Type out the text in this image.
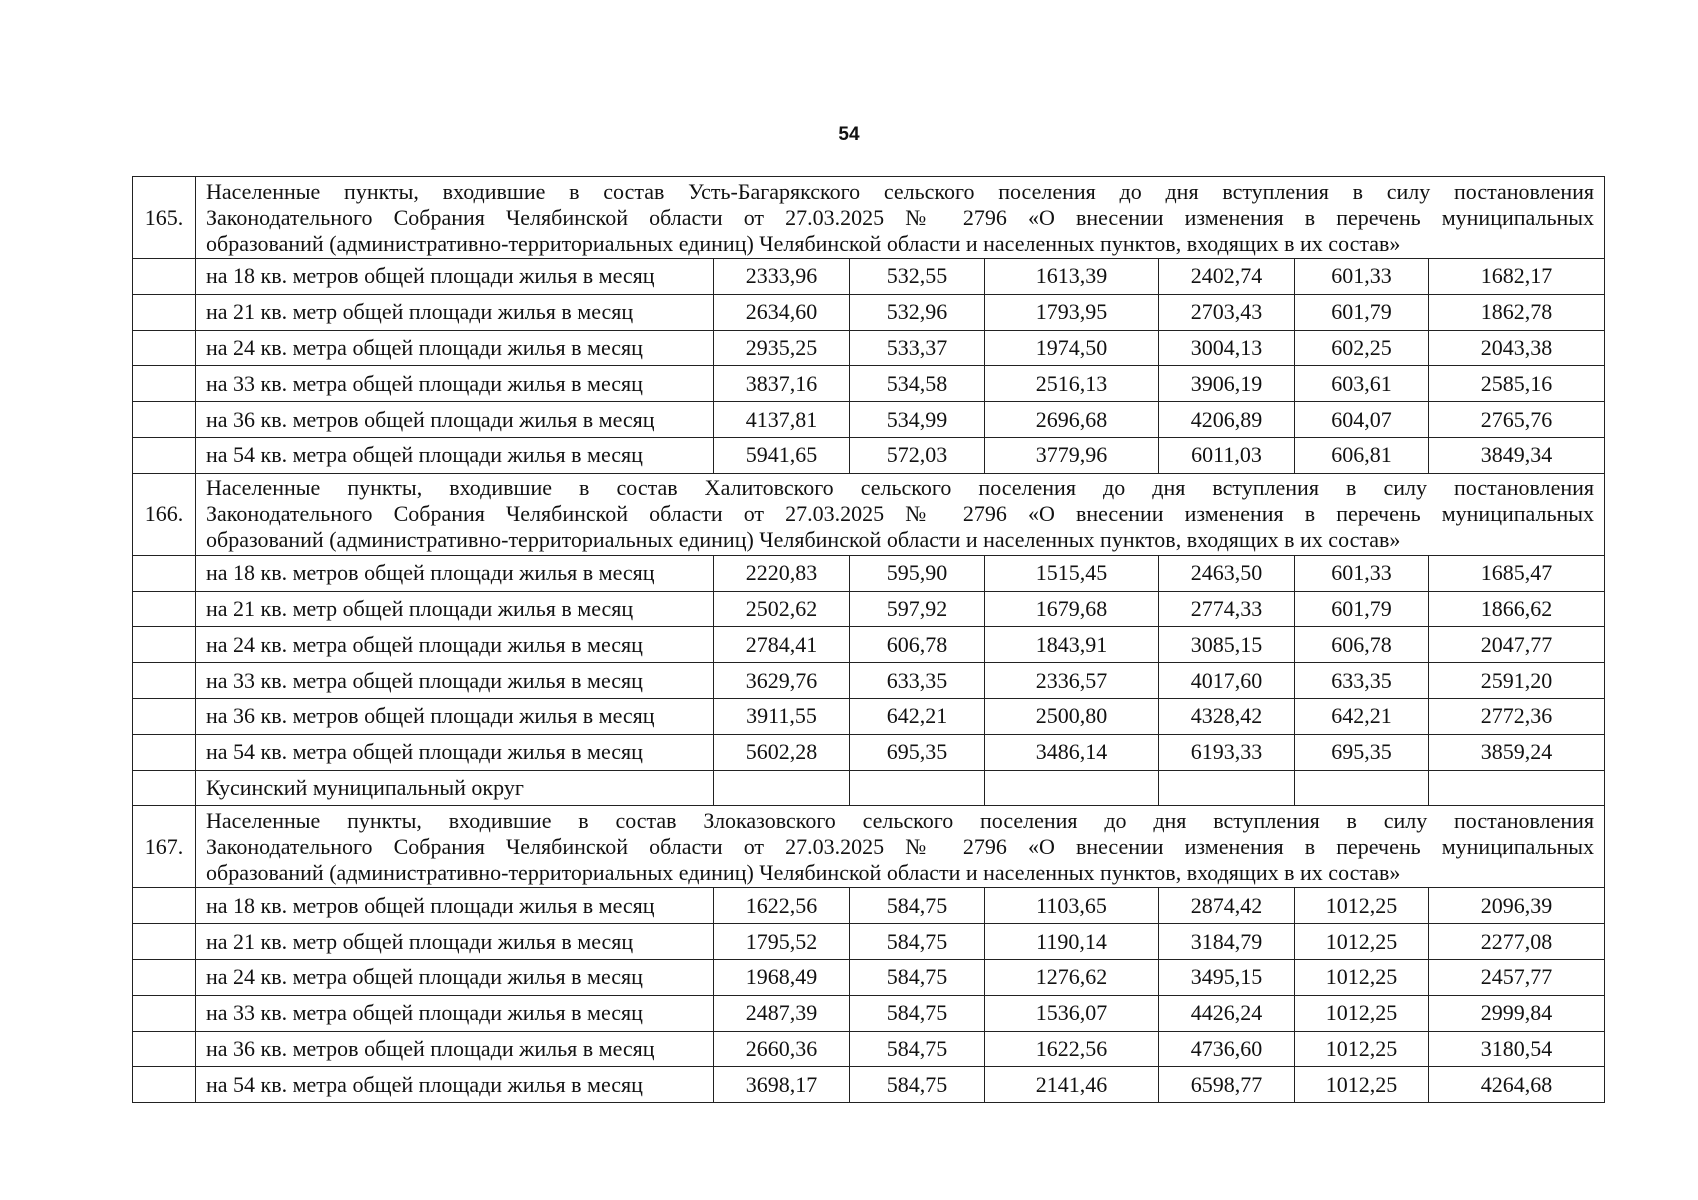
54
165.	Населенные пункты, входившие в состав Усть-Багарякского сельского поселения до дня вступления в силу постановления
Законодательного Собрания Челябинской области от 27.03.2025 № 2796 «О внесении изменения в перечень муниципальных
образований (административно-территориальных единиц) Челябинской области и населенных пунктов, входящих в их состав»						

	на 18 кв. метров общей площади жилья в месяц	2333,96	532,55	1613,39	2402,74	601,33	1682,17
	на 21 кв. метр общей площади жилья в месяц	2634,60	532,96	1793,95	2703,43	601,79	1862,78
	на 24 кв. метра общей площади жилья в месяц	2935,25	533,37	1974,50	3004,13	602,25	2043,38
	на 33 кв. метра общей площади жилья в месяц	3837,16	534,58	2516,13	3906,19	603,61	2585,16
	на 36 кв. метров общей площади жилья в месяц	4137,81	534,99	2696,68	4206,89	604,07	2765,76
	на 54 кв. метра общей площади жилья в месяц	5941,65	572,03	3779,96	6011,03	606,81	3849,34
166.	Населенные пункты, входившие в состав Халитовского сельского поселения до дня вступления в силу постановления
Законодательного Собрания Челябинской области от 27.03.2025 № 2796 «О внесении изменения в перечень муниципальных
образований (административно-территориальных единиц) Челябинской области и населенных пунктов, входящих в их состав»						

	на 18 кв. метров общей площади жилья в месяц	2220,83	595,90	1515,45	2463,50	601,33	1685,47
	на 21 кв. метр общей площади жилья в месяц	2502,62	597,92	1679,68	2774,33	601,79	1866,62
	на 24 кв. метра общей площади жилья в месяц	2784,41	606,78	1843,91	3085,15	606,78	2047,77
	на 33 кв. метра общей площади жилья в месяц	3629,76	633,35	2336,57	4017,60	633,35	2591,20
	на 36 кв. метров общей площади жилья в месяц	3911,55	642,21	2500,80	4328,42	642,21	2772,36
	на 54 кв. метра общей площади жилья в месяц	5602,28	695,35	3486,14	6193,33	695,35	3859,24
	Кусинский муниципальный округ						
167.	Населенные пункты, входившие в состав Злоказовского сельского поселения до дня вступления в силу постановления
Законодательного Собрания Челябинской области от 27.03.2025 № 2796 «О внесении изменения в перечень муниципальных
образований (административно-территориальных единиц) Челябинской области и населенных пунктов, входящих в их состав»						

	на 18 кв. метров общей площади жилья в месяц	1622,56	584,75	1103,65	2874,42	1012,25	2096,39
	на 21 кв. метр общей площади жилья в месяц	1795,52	584,75	1190,14	3184,79	1012,25	2277,08
	на 24 кв. метра общей площади жилья в месяц	1968,49	584,75	1276,62	3495,15	1012,25	2457,77
	на 33 кв. метра общей площади жилья в месяц	2487,39	584,75	1536,07	4426,24	1012,25	2999,84
	на 36 кв. метров общей площади жилья в месяц	2660,36	584,75	1622,56	4736,60	1012,25	3180,54
	на 54 кв. метра общей площади жилья в месяц	3698,17	584,75	2141,46	6598,77	1012,25	4264,68
